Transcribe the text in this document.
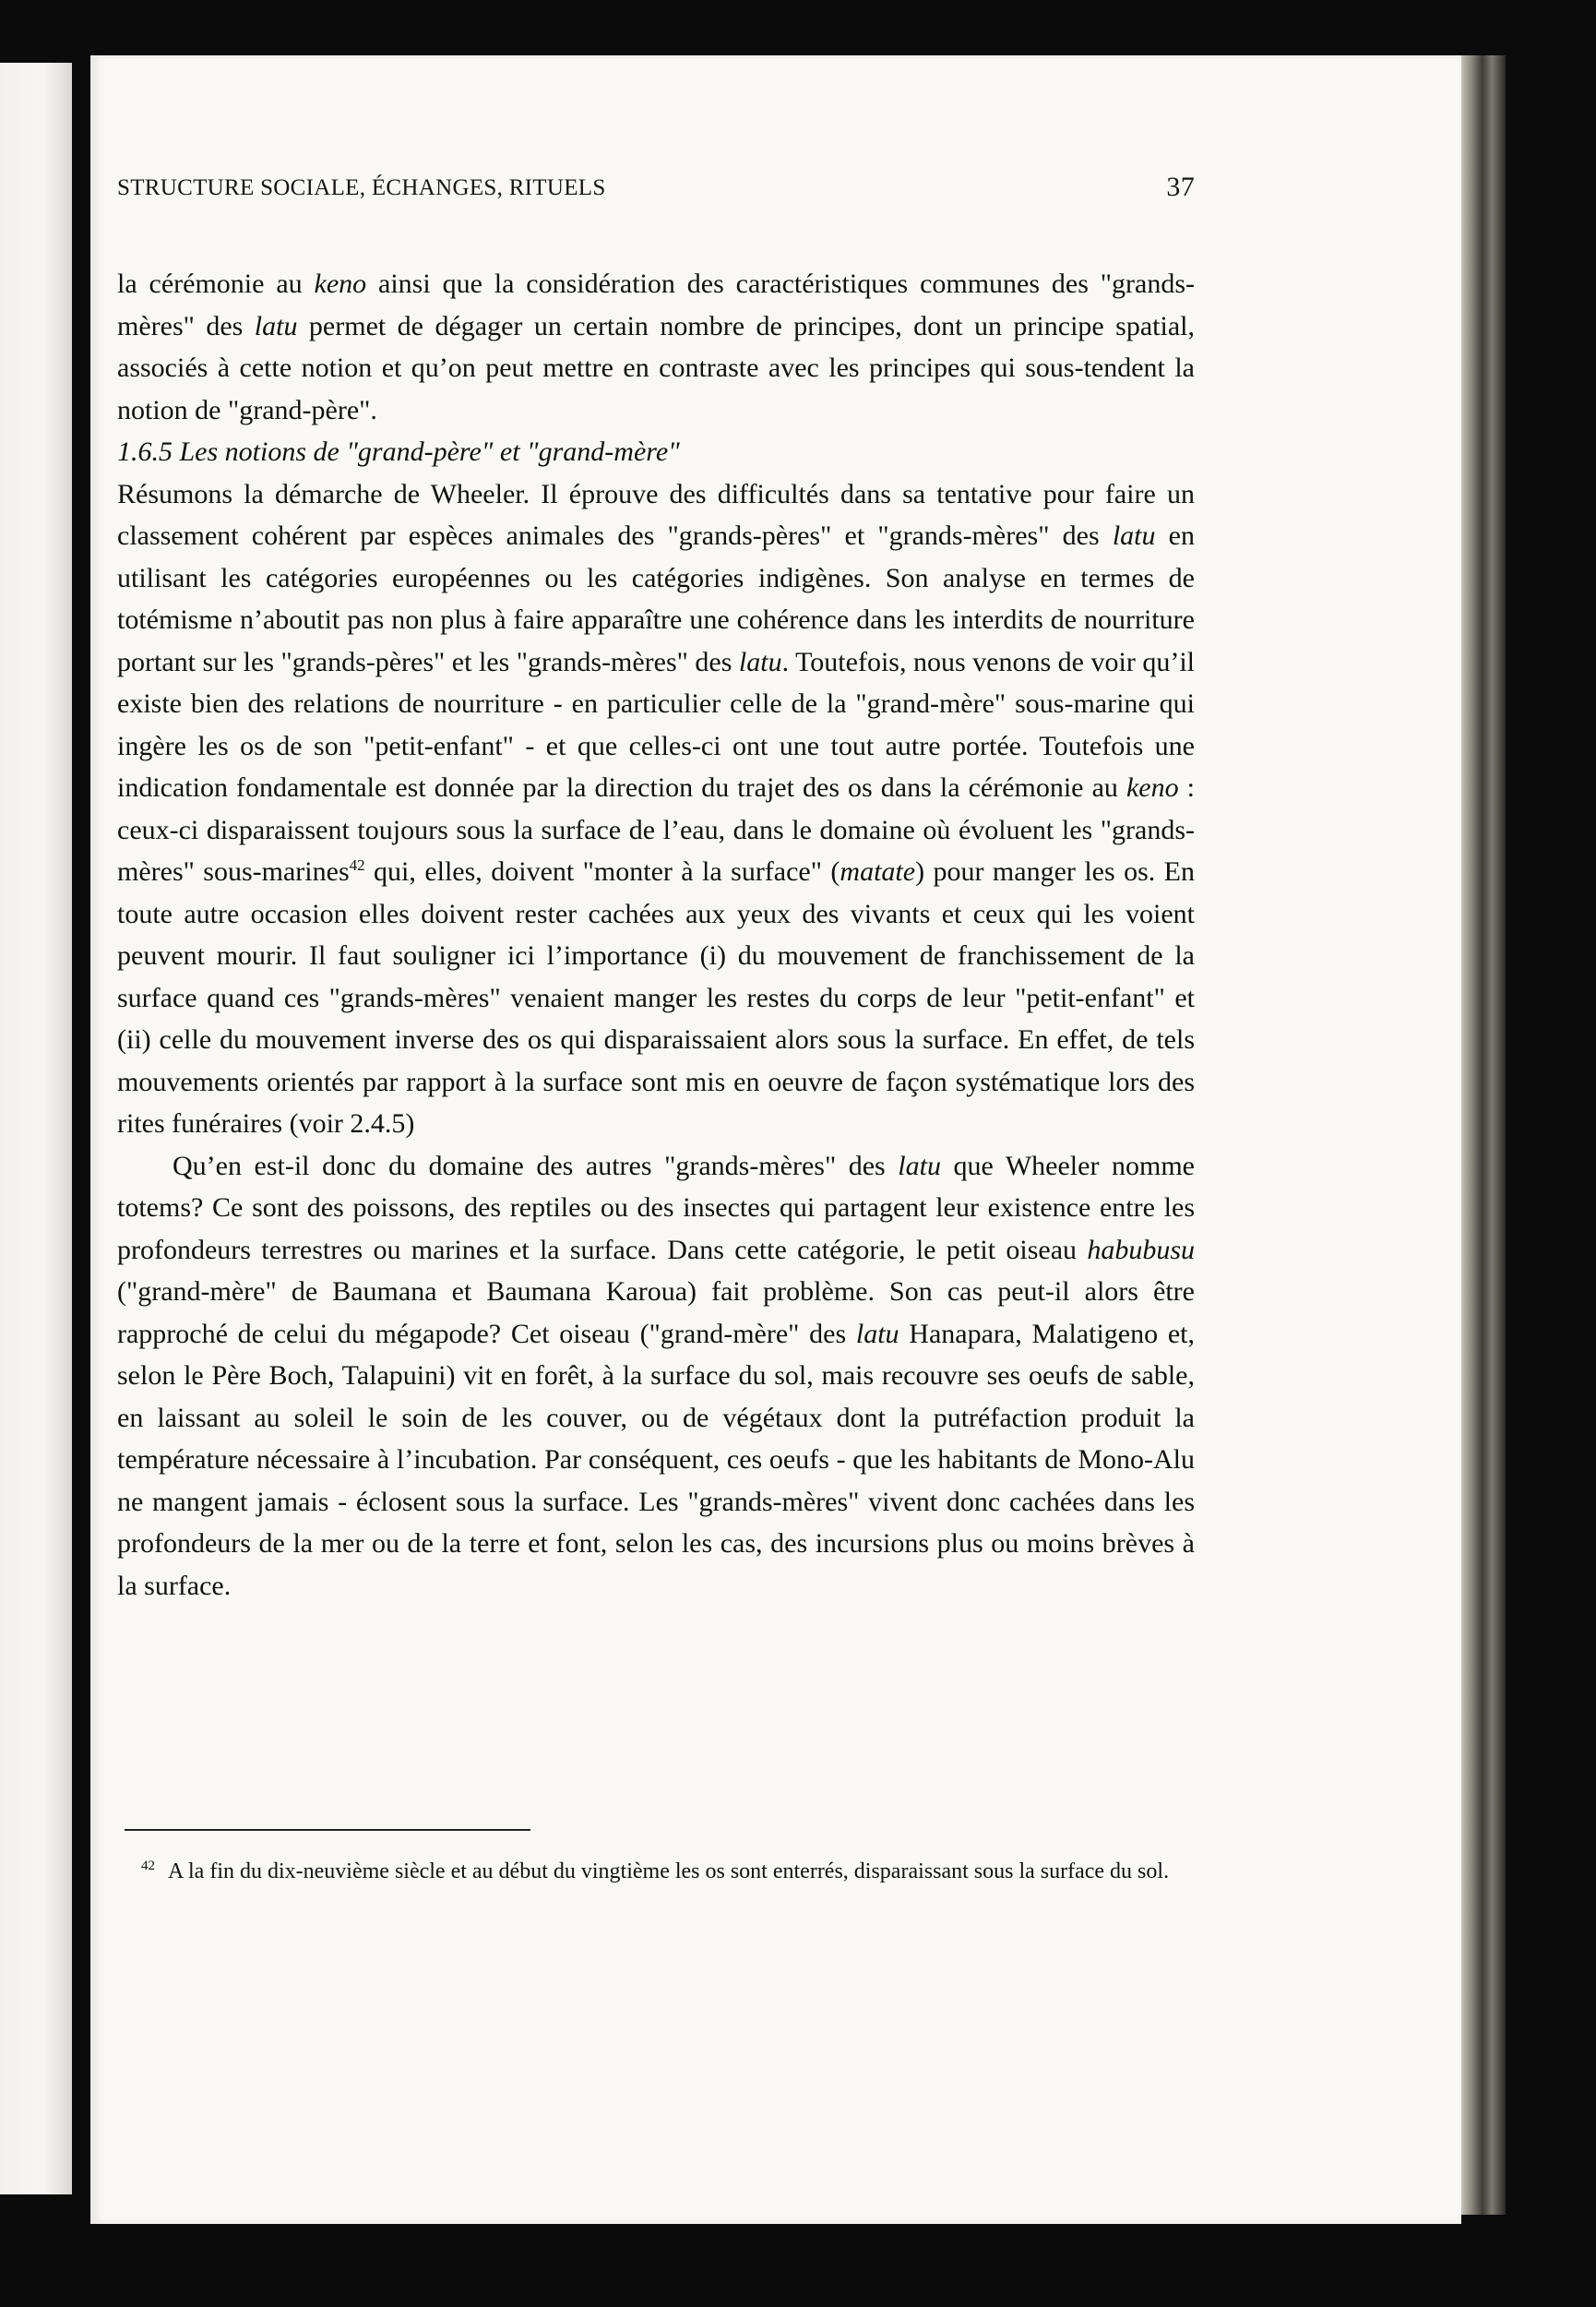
STRUCTURE SOCIALE, ÉCHANGES, RITUELS	37

la cérémonie au keno ainsi que la considération des caractéristiques communes des "grands-mères" des latu permet de dégager un certain nombre de principes, dont un principe spatial, associés à cette notion et qu’on peut mettre en contraste avec les principes qui sous-tendent la notion de "grand-père".

1.6.5 Les notions de "grand-père" et "grand-mère"

Résumons la démarche de Wheeler. Il éprouve des difficultés dans sa tentative pour faire un classement cohérent par espèces animales des "grands-pères" et "grands-mères" des latu en utilisant les catégories européennes ou les catégories indigènes. Son analyse en termes de totémisme n’aboutit pas non plus à faire apparaître une cohérence dans les interdits de nourriture portant sur les "grands-pères" et les "grands-mères" des latu. Toutefois, nous venons de voir qu’il existe bien des relations de nourriture - en particulier celle de la "grand-mère" sous-marine qui ingère les os de son "petit-enfant" - et que celles-ci ont une tout autre portée. Toutefois une indication fondamentale est donnée par la direction du trajet des os dans la cérémonie au keno : ceux-ci disparaissent toujours sous la surface de l’eau, dans le domaine où évoluent les "grands-mères" sous-marines$^{42}$ qui, elles, doivent "monter à la surface" (matate) pour manger les os. En toute autre occasion elles doivent rester cachées aux yeux des vivants et ceux qui les voient peuvent mourir. Il faut souligner ici l’importance (i) du mouvement de franchissement de la surface quand ces "grands-mères" venaient manger les restes du corps de leur "petit-enfant" et (ii) celle du mouvement inverse des os qui disparaissaient alors sous la surface. En effet, de tels mouvements orientés par rapport à la surface sont mis en oeuvre de façon systématique lors des rites funéraires (voir 2.4.5)

Qu’en est-il donc du domaine des autres "grands-mères" des latu que Wheeler nomme totems? Ce sont des poissons, des reptiles ou des insectes qui partagent leur existence entre les profondeurs terrestres ou marines et la surface. Dans cette catégorie, le petit oiseau habubusu ("grand-mère" de Baumana et Baumana Karoua) fait problème. Son cas peut-il alors être rapproché de celui du mégapode? Cet oiseau ("grand-mère" des latu Hanapara, Malatigeno et, selon le Père Boch, Talapuini) vit en forêt, à la surface du sol, mais recouvre ses oeufs de sable, en laissant au soleil le soin de les couver, ou de végétaux dont la putréfaction produit la température nécessaire à l’incubation. Par conséquent, ces oeufs - que les habitants de Mono-Alu ne mangent jamais - éclosent sous la surface. Les "grands-mères" vivent donc cachées dans les profondeurs de la mer ou de la terre et font, selon les cas, des incursions plus ou moins brèves à la surface.

$^{42}$ A la fin du dix-neuvième siècle et au début du vingtième les os sont enterrés, disparaissant sous la surface du sol.
